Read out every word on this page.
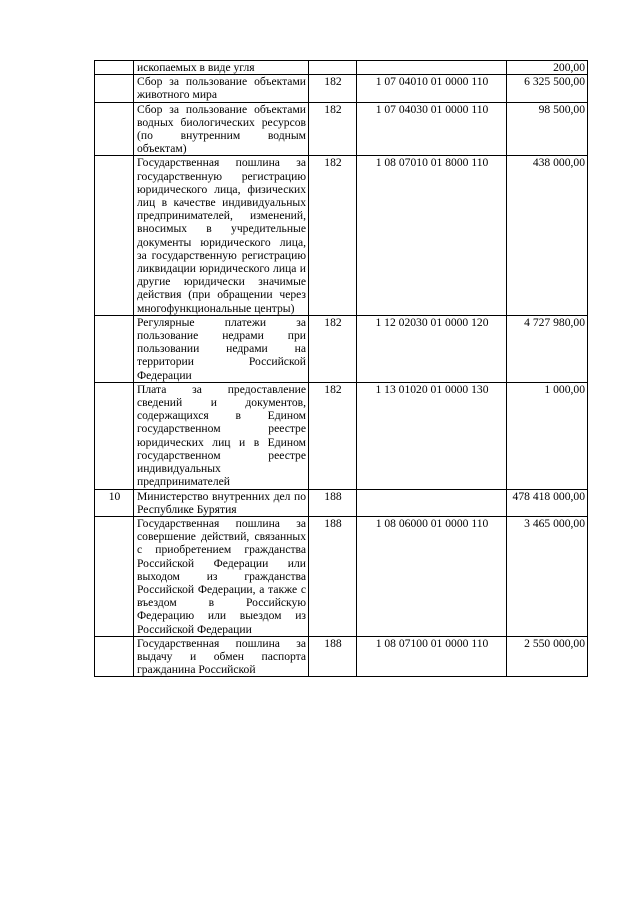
	ископаемых в виде угля			200,00
	Сбор за пользование объектами животного мира	182	1 07 04010 01 0000 110	6 325 500,00
	Сбор за пользование объектами водных биологических ресурсов (по внутренним водным объектам)	182	1 07 04030 01 0000 110	98 500,00
	Государственная пошлина за государственную регистрацию юридического лица, физических лиц в качестве индивидуальных предпринимателей, изменений, вносимых в учредительные документы юридического лица, за государственную регистрацию ликвидации юридического лица и другие юридически значимые действия (при обращении через многофункциональные центры)	182	1 08 07010 01 8000 110	438 000,00
	Регулярные платежи за пользование недрами при пользовании недрами на территории Российской Федерации	182	1 12 02030 01 0000 120	4 727 980,00
	Плата за предоставление сведений и документов, содержащихся в Едином государственном реестре юридических лиц и в Едином государственном реестре индивидуальных предпринимателей	182	1 13 01020 01 0000 130	1 000,00
10	Министерство внутренних дел по Республике Бурятия	188		478 418 000,00
	Государственная пошлина за совершение действий, связанных с приобретением гражданства Российской Федерации или выходом из гражданства Российской Федерации, а также с въездом в Российскую Федерацию или выездом из Российской Федерации	188	1 08 06000 01 0000 110	3 465 000,00
	Государственная пошлина за выдачу и обмен паспорта гражданина Российской	188	1 08 07100 01 0000 110	2 550 000,00
